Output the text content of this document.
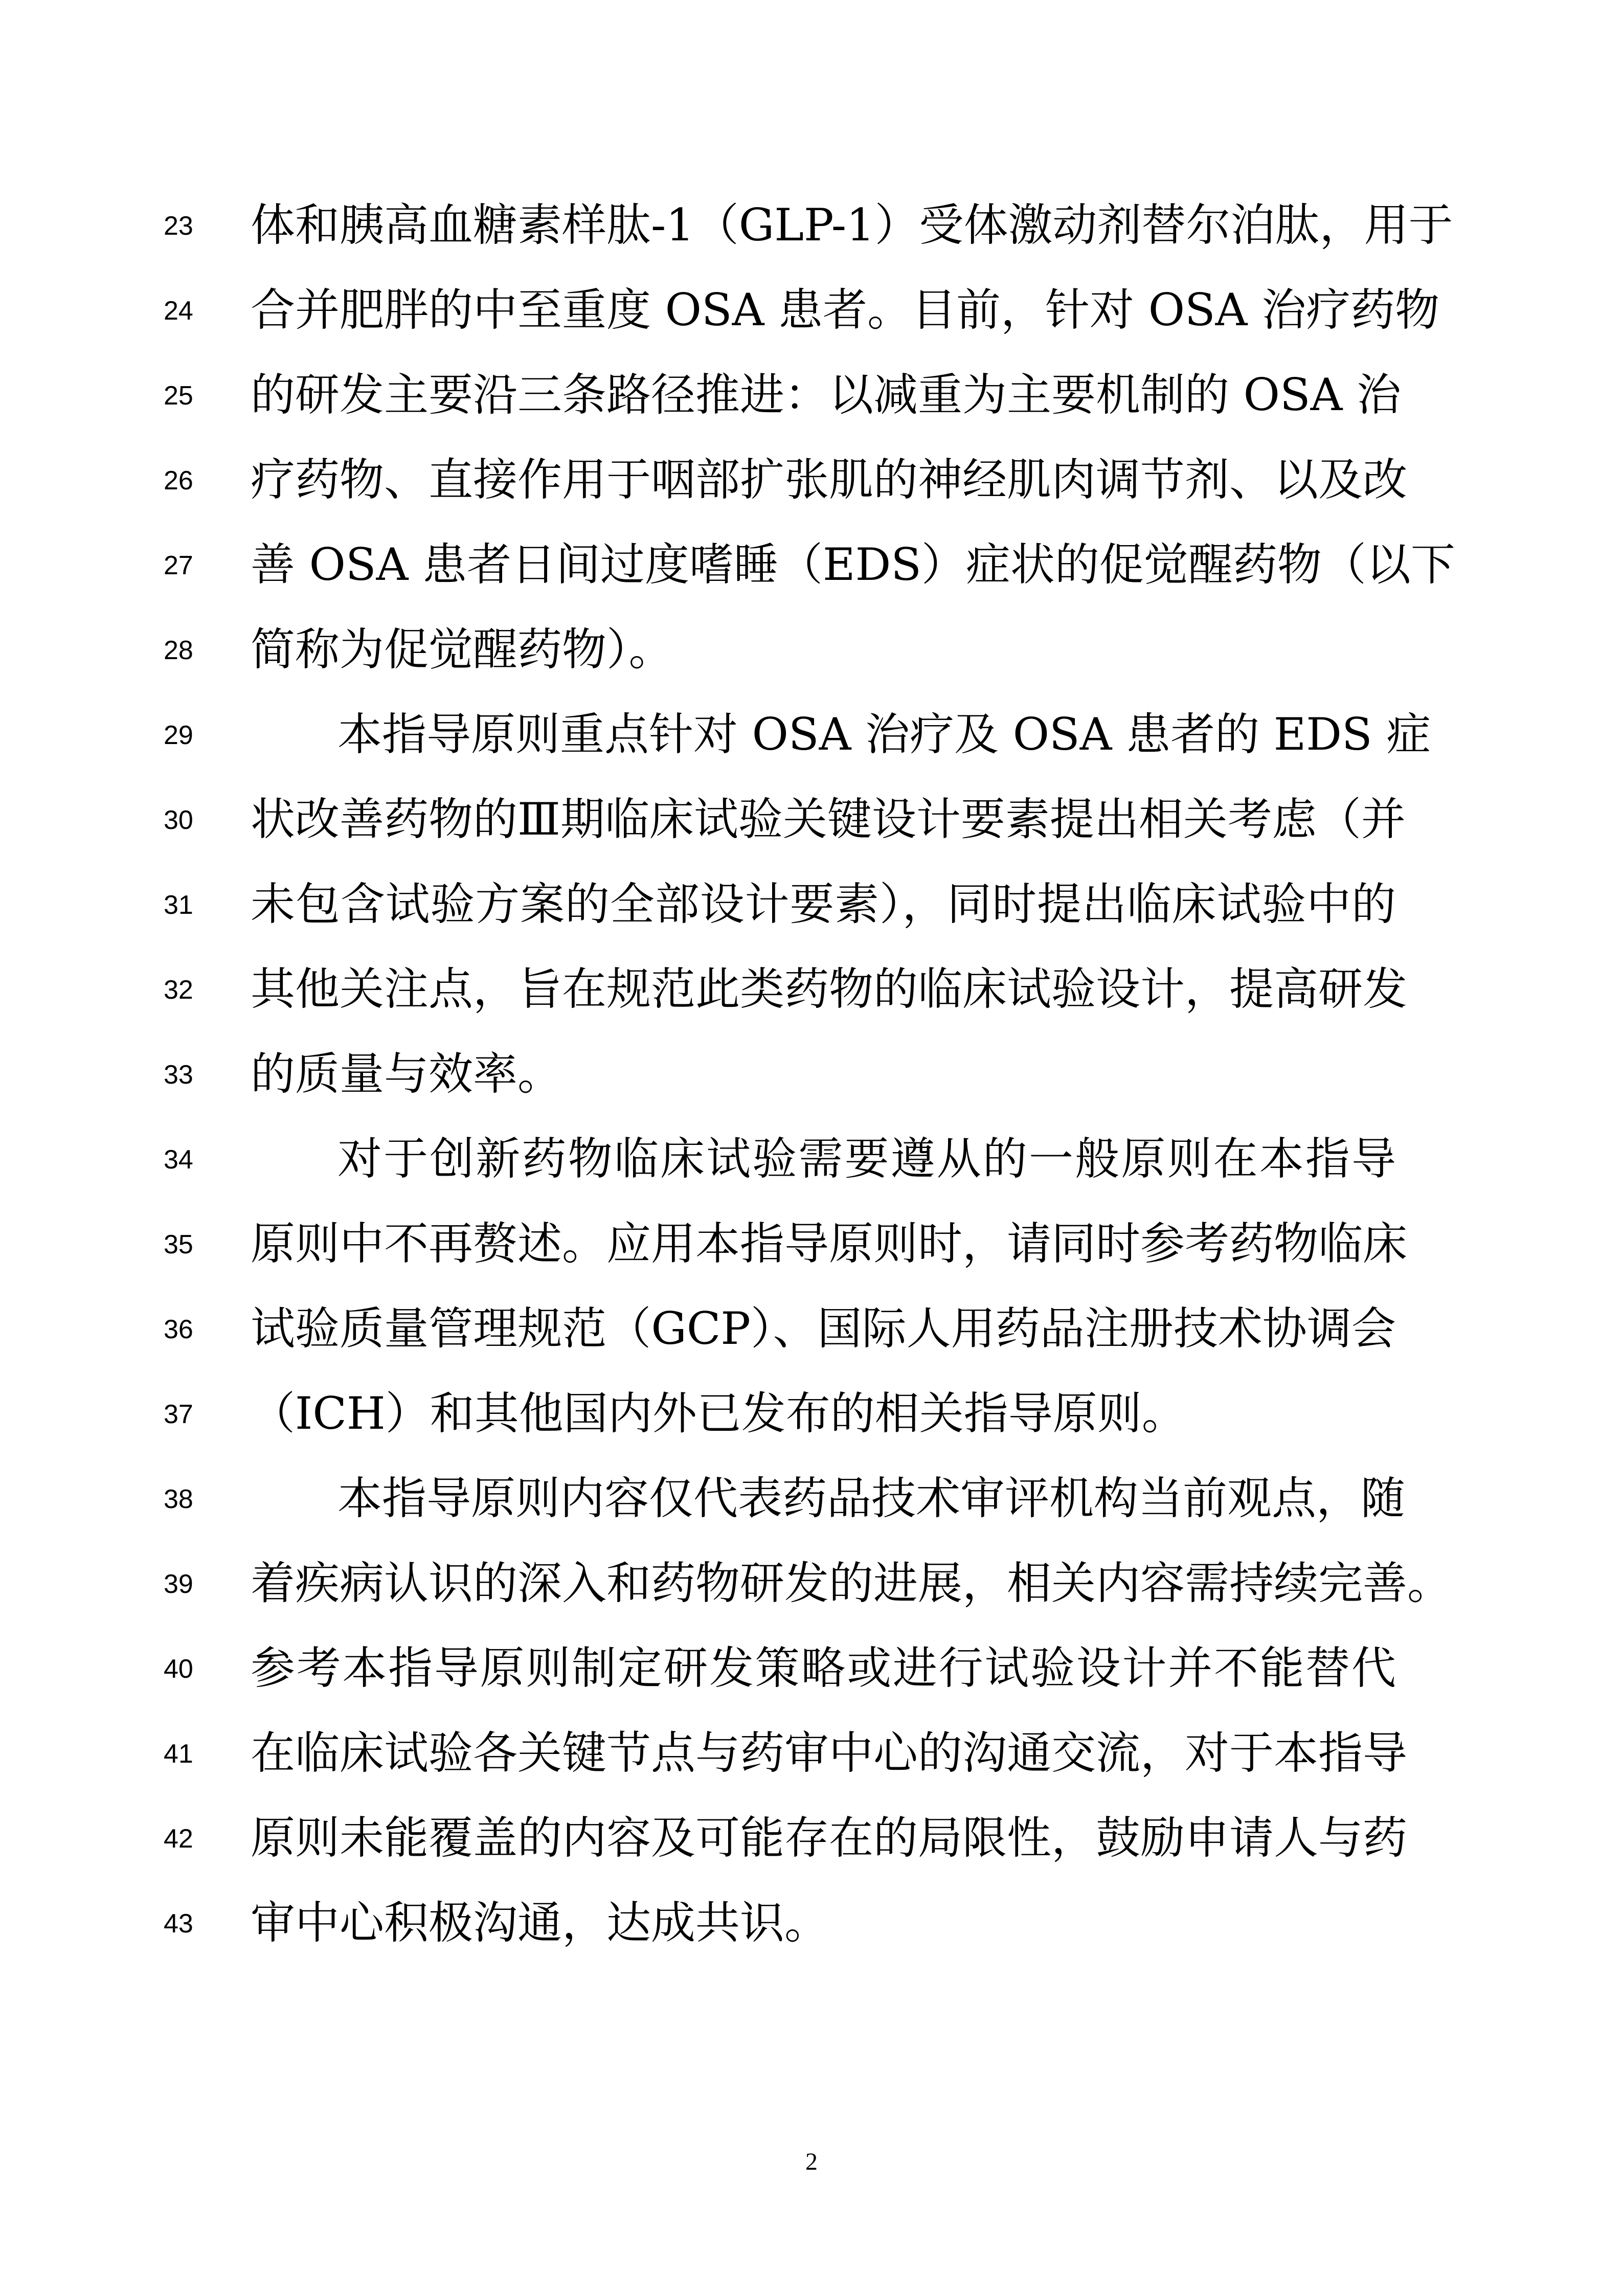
23	体和胰高血糖素样肽-1（GLP-1）受体激动剂替尔泊肽，用于
24	合并肥胖的中至重度 OSA 患者。目前，针对 OSA 治疗药物
25	的研发主要沿三条路径推进：以减重为主要机制的 OSA 治
26	疗药物、直接作用于咽部扩张肌的神经肌肉调节剂、以及改
27	善 OSA 患者日间过度嗜睡（EDS）症状的促觉醒药物（以下
28	简称为促觉醒药物）。
29	本指导原则重点针对 OSA 治疗及 OSA 患者的 EDS 症
30	状改善药物的Ⅲ期临床试验关键设计要素提出相关考虑（并
31	未包含试验方案的全部设计要素），同时提出临床试验中的
32	其他关注点，旨在规范此类药物的临床试验设计，提高研发
33	的质量与效率。
34	对于创新药物临床试验需要遵从的一般原则在本指导
35	原则中不再赘述。应用本指导原则时，请同时参考药物临床
36	试验质量管理规范（GCP）、国际人用药品注册技术协调会
37	（ICH）和其他国内外已发布的相关指导原则。
38	本指导原则内容仅代表药品技术审评机构当前观点，随
39	着疾病认识的深入和药物研发的进展，相关内容需持续完善。
40	参考本指导原则制定研发策略或进行试验设计并不能替代
41	在临床试验各关键节点与药审中心的沟通交流，对于本指导
42	原则未能覆盖的内容及可能存在的局限性，鼓励申请人与药
43	审中心积极沟通，达成共识。
2
